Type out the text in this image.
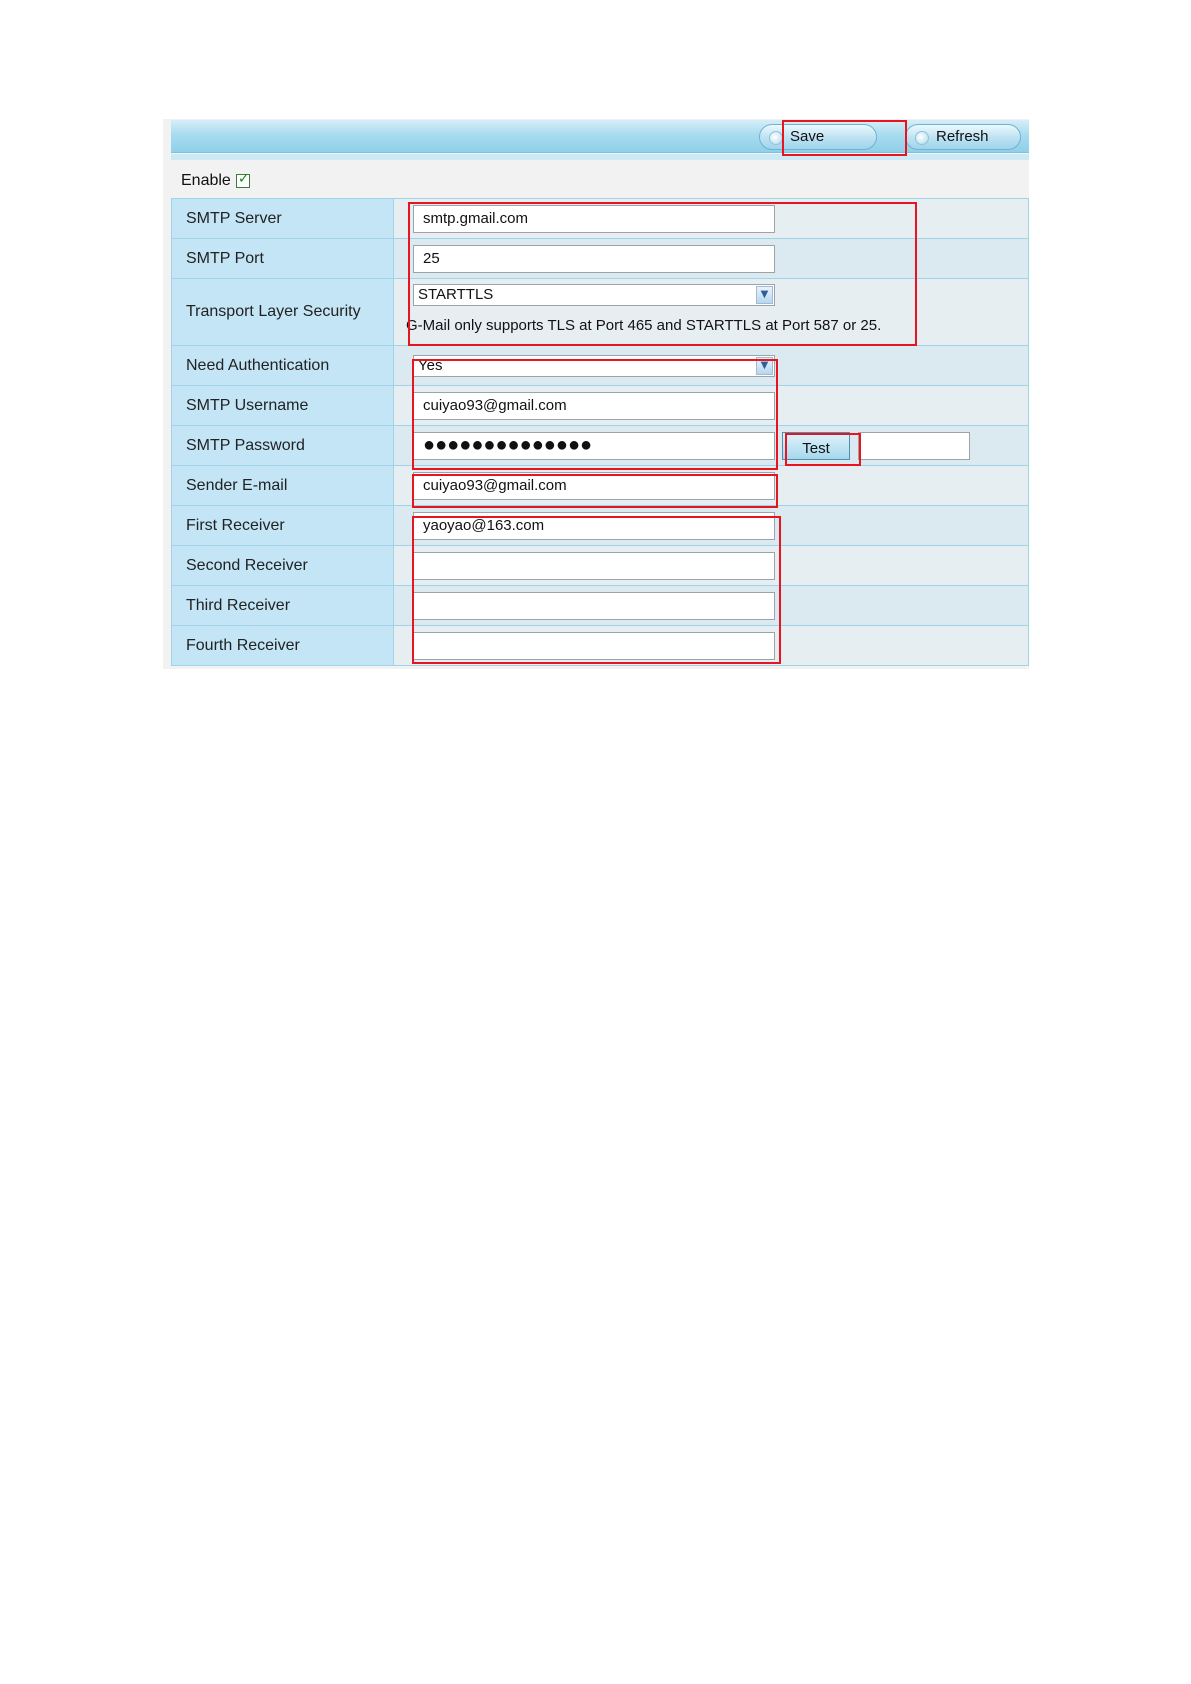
Save	Refresh
Enable ✓
SMTP Server	smtp.gmail.com

SMTP Port	25

Transport Layer Security	STARTTLS ▼
G-Mail only supports TLS at Port 465 and STARTTLS at Port 587 or 25.

Need Authentication	Yes ▼

SMTP Username	cuiyao93@gmail.com

SMTP Password	●●●●●●●●●●●●●● Test

Sender E-mail	cuiyao93@gmail.com

First Receiver	yaoyao@163.com

Second Receiver	

Third Receiver	

Fourth Receiver	
